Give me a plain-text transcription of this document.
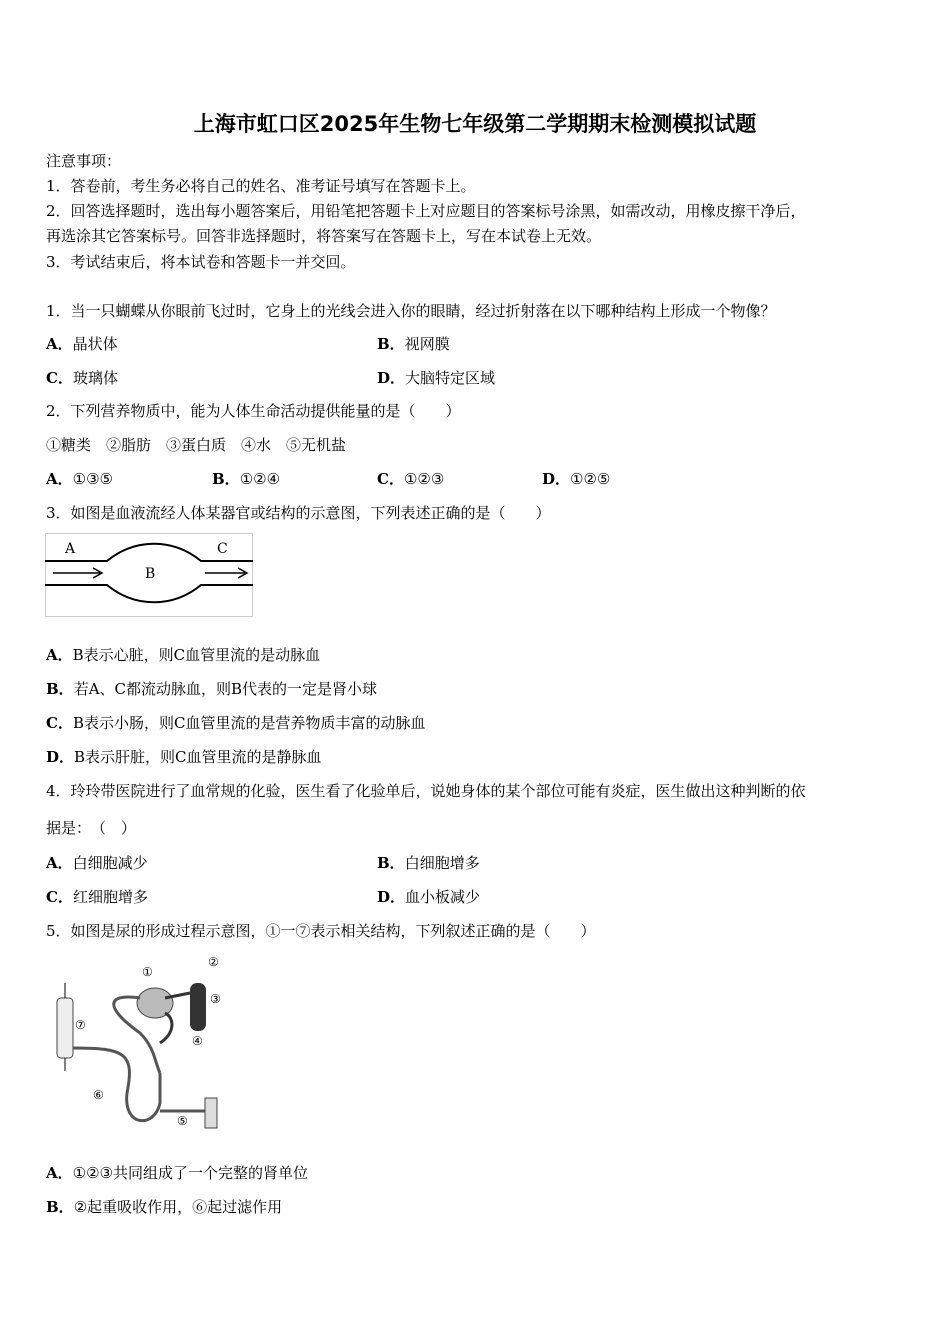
上海市虹口区2025年生物七年级第二学期期末检测模拟试题
注意事项：
1．答卷前，考生务必将自己的姓名、准考证号填写在答题卡上。
2．回答选择题时，选出每小题答案后，用铅笔把答题卡上对应题目的答案标号涂黑，如需改动，用橡皮擦干净后，
再选涂其它答案标号。回答非选择题时，将答案写在答题卡上，写在本试卷上无效。
3．考试结束后，将本试卷和答题卡一并交回。
1．当一只蝴蝶从你眼前飞过时，它身上的光线会进入你的眼睛，经过折射落在以下哪种结构上形成一个物像？
A．晶状体	B．视网膜
C．玻璃体	D．大脑特定区域
2．下列营养物质中，能为人体生命活动提供能量的是（　　）
①糖类　②脂肪　③蛋白质　④水　⑤无机盐
A．①③⑤	B．①②④	C．①②③	D．①②⑤
3．如图是血液流经人体某器官或结构的示意图，下列表述正确的是（　　）
A．B表示心脏，则C血管里流的是动脉血
B．若A、C都流动脉血，则B代表的一定是肾小球
C．B表示小肠，则C血管里流的是营养物质丰富的动脉血
D．B表示肝脏，则C血管里流的是静脉血
4．玲玲带医院进行了血常规的化验，医生看了化验单后，说她身体的某个部位可能有炎症，医生做出这种判断的依
据是：　（　）
A．白细胞减少	B．白细胞增多
C．红细胞增多	D．血小板减少
5．如图是尿的形成过程示意图，①一⑦表示相关结构，下列叙述正确的是（　　）
A．①②③共同组成了一个完整的肾单位
B．②起重吸收作用，⑥起过滤作用
A
B
C
①
②
③
④
⑤
⑥
⑦
